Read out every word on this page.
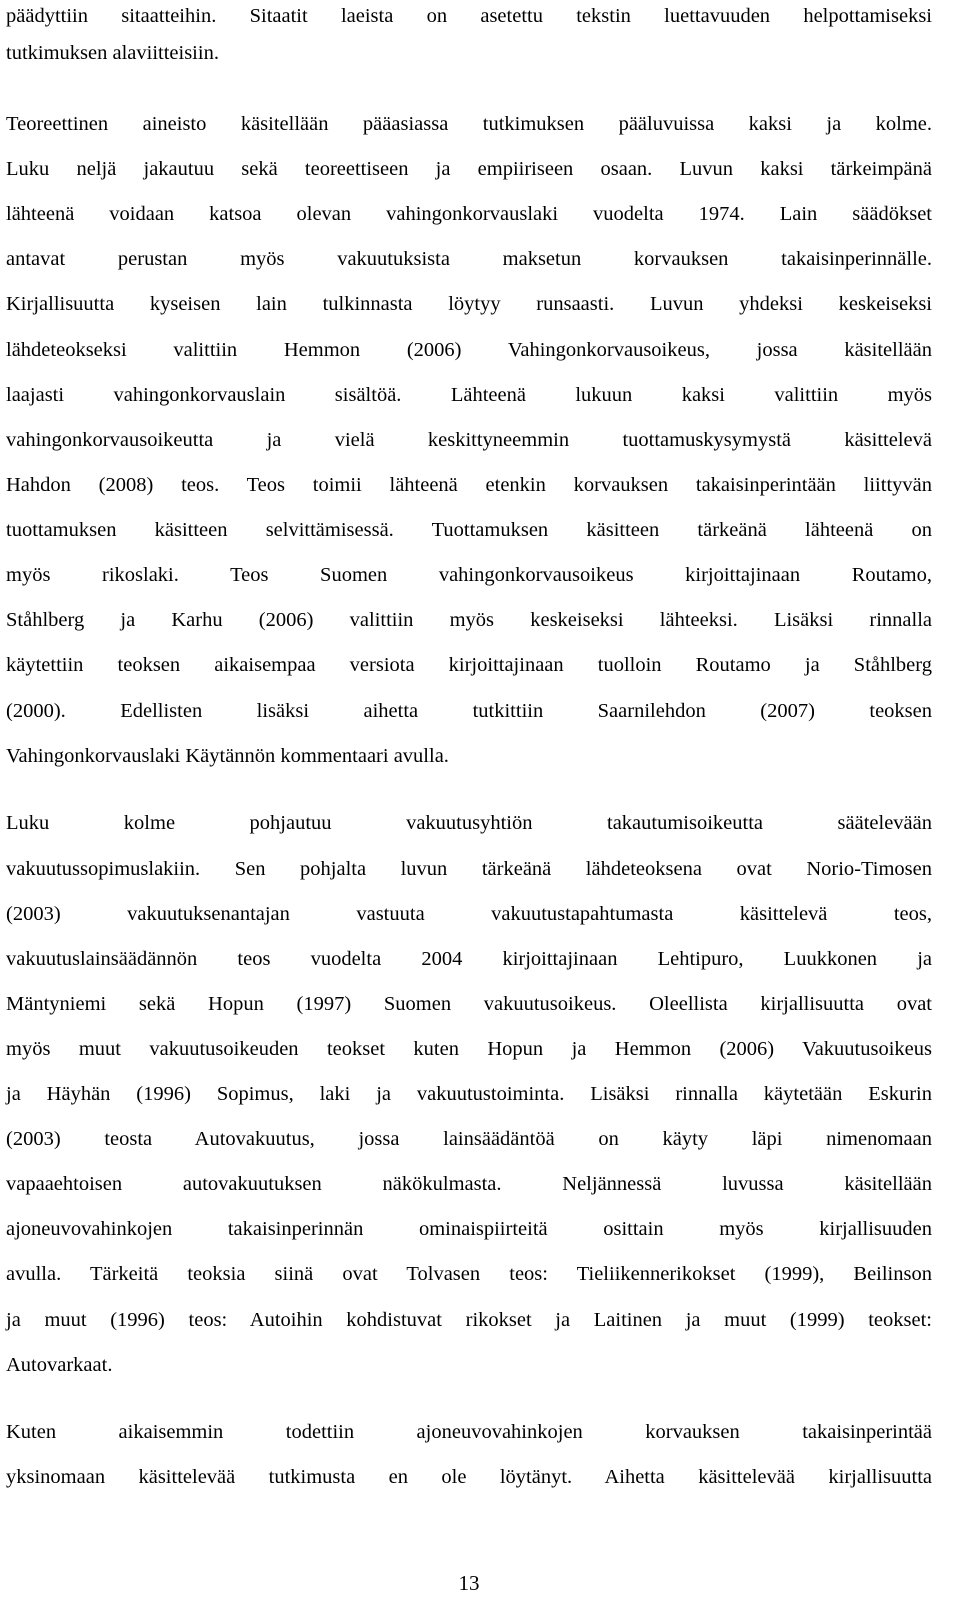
päädyttiin sitaatteihin. Sitaatit laeista on asetettu tekstin luettavuuden helpottamiseksi
tutkimuksen alaviitteisiin.
Teoreettinen aineisto käsitellään pääasiassa tutkimuksen pääluvuissa kaksi ja kolme.
Luku neljä jakautuu sekä teoreettiseen ja empiiriseen osaan. Luvun kaksi tärkeimpänä
lähteenä voidaan katsoa olevan vahingonkorvauslaki vuodelta 1974. Lain säädökset
antavat perustan myös vakuutuksista maksetun korvauksen takaisinperinnälle.
Kirjallisuutta kyseisen lain tulkinnasta löytyy runsaasti. Luvun yhdeksi keskeiseksi
lähdeteokseksi valittiin Hemmon (2006) Vahingonkorvausoikeus, jossa käsitellään
laajasti vahingonkorvauslain sisältöä. Lähteenä lukuun kaksi valittiin myös
vahingonkorvausoikeutta ja vielä keskittyneemmin tuottamuskysymystä käsittelevä
Hahdon (2008) teos. Teos toimii lähteenä etenkin korvauksen takaisinperintään liittyvän
tuottamuksen käsitteen selvittämisessä. Tuottamuksen käsitteen tärkeänä lähteenä on
myös rikoslaki. Teos Suomen vahingonkorvausoikeus kirjoittajinaan Routamo,
Ståhlberg ja Karhu (2006) valittiin myös keskeiseksi lähteeksi. Lisäksi rinnalla
käytettiin teoksen aikaisempaa versiota kirjoittajinaan tuolloin Routamo ja Ståhlberg
(2000). Edellisten lisäksi aihetta tutkittiin Saarnilehdon (2007) teoksen
Vahingonkorvauslaki Käytännön kommentaari avulla.
Luku kolme pohjautuu vakuutusyhtiön takautumisoikeutta säätelevään
vakuutussopimuslakiin. Sen pohjalta luvun tärkeänä lähdeteoksena ovat Norio-Timosen
(2003) vakuutuksenantajan vastuuta vakuutustapahtumasta käsittelevä teos,
vakuutuslainsäädännön teos vuodelta 2004 kirjoittajinaan Lehtipuro, Luukkonen ja
Mäntyniemi sekä Hopun (1997) Suomen vakuutusoikeus. Oleellista kirjallisuutta ovat
myös muut vakuutusoikeuden teokset kuten Hopun ja Hemmon (2006) Vakuutusoikeus
ja Häyhän (1996) Sopimus, laki ja vakuutustoiminta. Lisäksi rinnalla käytetään Eskurin
(2003) teosta Autovakuutus, jossa lainsäädäntöä on käyty läpi nimenomaan
vapaaehtoisen autovakuutuksen näkökulmasta. Neljännessä luvussa käsitellään
ajoneuvovahinkojen takaisinperinnän ominaispiirteitä osittain myös kirjallisuuden
avulla. Tärkeitä teoksia siinä ovat Tolvasen teos: Tieliikennerikokset (1999), Beilinson
ja muut (1996) teos: Autoihin kohdistuvat rikokset ja Laitinen ja muut (1999) teokset:
Autovarkaat.
Kuten aikaisemmin todettiin ajoneuvovahinkojen korvauksen takaisinperintää
yksinomaan käsittelevää tutkimusta en ole löytänyt. Aihetta käsittelevää kirjallisuutta
13
